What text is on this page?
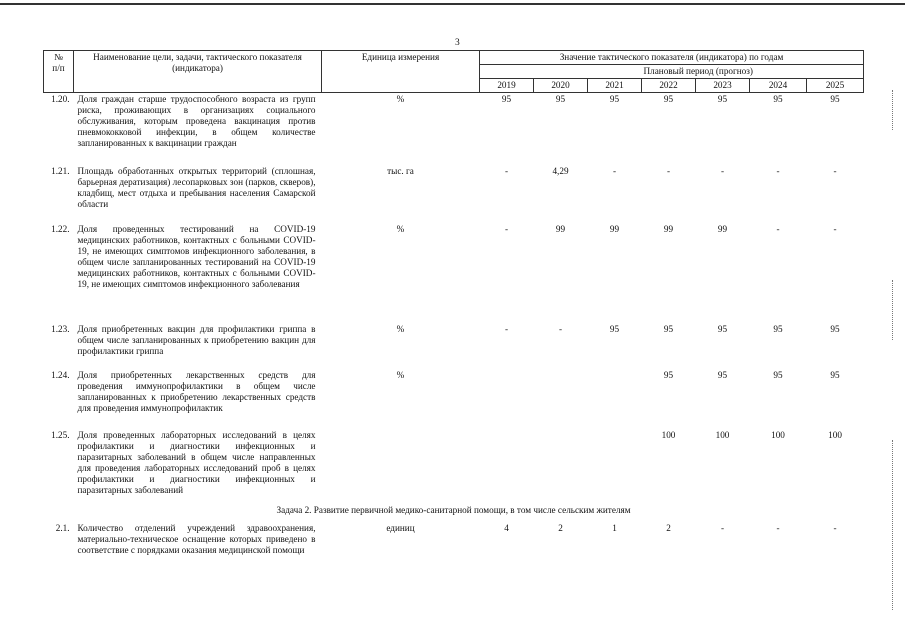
3
№
п/п	Наименование цели, задачи, тактического показателя (индикатора)	Единица измерения	Значение тактического показателя (индикатора) по годам						
						Плановый период (прогноз)			
			2019	2020	2021	2022	2023	2024	2025
1.20.	Доля граждан старше трудоспособного возраста из групп риска, проживающих в организациях социального обслуживания, которым проведена вакцинация против пневмококковой инфекции, в общем количестве запланированных к вакцинации граждан	%	95	95	95	95	95	95	95
1.21.	Площадь обработанных открытых территорий (сплошная, барьерная дератизация) лесопарковых зон (парков, скверов), кладбищ, мест отдыха и пребывания населения Самарской области	тыс. га	-	4,29	-	-	-	-	-
1.22.	Доля проведенных тестирований на COVID-19 медицинских работников, контактных с больными COVID-19, не имеющих симптомов инфекционного заболевания, в общем числе запланированных тестирований на COVID-19 медицинских работников, контактных с больными COVID-19, не имеющих симптомов инфекционного заболевания	%	-	99	99	99	99	-	-
1.23.	Доля приобретенных вакцин для профилактики гриппа в общем числе запланированных к приобретению вакцин для профилактики гриппа	%	-	-	95	95	95	95	95
1.24.	Доля приобретенных лекарственных средств для проведения иммунопрофилактики в общем числе запланированных к приобретению лекарственных средств для проведения иммунопрофилактик	%				95	95	95	95
1.25.	Доля проведенных лабораторных исследований в целях профилактики и диагностики инфекционных и паразитарных заболеваний в общем числе направленных для проведения лабораторных исследований проб в целях профилактики и диагностики инфекционных и паразитарных заболеваний					100	100	100	100
Задача 2. Развитие первичной медико-санитарной помощи, в том числе сельским жителям									
2.1.	Количество отделений учреждений здравоохранения, материально-техническое оснащение которых приведено в соответствие с порядками оказания медицинской помощи	единиц	4	2	1	2	-	-	-
